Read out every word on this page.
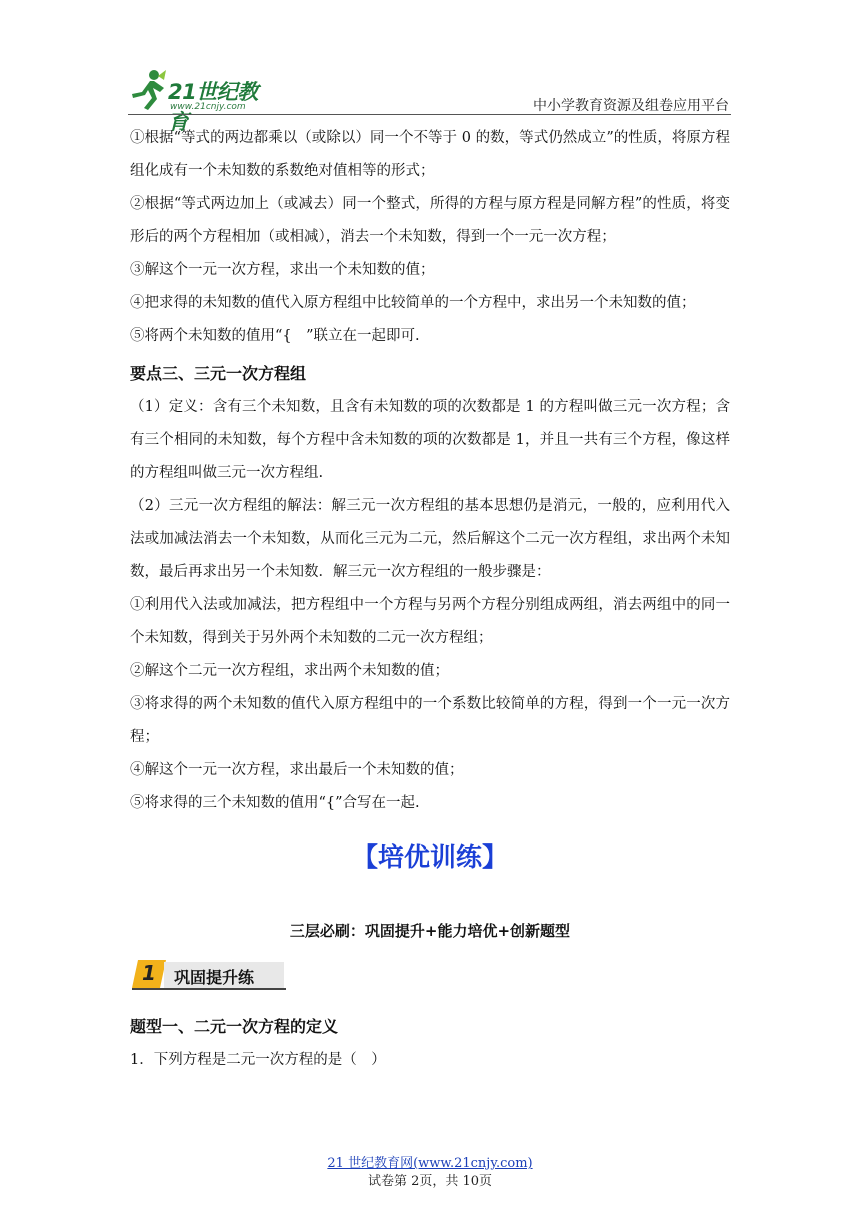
21世纪教育
www.21cnjy.com	中小学教育资源及组卷应用平台

①根据“等式的两边都乘以（或除以）同一个不等于 0 的数，等式仍然成立”的性质，将原方程组化成有一个未知数的系数绝对值相等的形式；

②根据“等式两边加上（或减去）同一个整式，所得的方程与原方程是同解方程”的性质，将变形后的两个方程相加（或相减），消去一个未知数，得到一个一元一次方程；

③解这个一元一次方程，求出一个未知数的值；

④把求得的未知数的值代入原方程组中比较简单的一个方程中，求出另一个未知数的值；

⑤将两个未知数的值用“{　”联立在一起即可.

要点三、三元一次方程组

（1）定义：含有三个未知数，且含有未知数的项的次数都是 1 的方程叫做三元一次方程；含有三个相同的未知数，每个方程中含未知数的项的次数都是 1，并且一共有三个方程，像这样的方程组叫做三元一次方程组.

（2）三元一次方程组的解法：解三元一次方程组的基本思想仍是消元，一般的，应利用代入法或加减法消去一个未知数，从而化三元为二元，然后解这个二元一次方程组，求出两个未知数，最后再求出另一个未知数．解三元一次方程组的一般步骤是：

①利用代入法或加减法，把方程组中一个方程与另两个方程分别组成两组，消去两组中的同一个未知数，得到关于另外两个未知数的二元一次方程组；

②解这个二元一次方程组，求出两个未知数的值；

③将求得的两个未知数的值代入原方程组中的一个系数比较简单的方程，得到一个一元一次方程；

④解这个一元一次方程，求出最后一个未知数的值；

⑤将求得的三个未知数的值用“{”合写在一起.

【培优训练】

三层必刷：巩固提升+能力培优+创新题型

1 巩固提升练

题型一、二元一次方程的定义

1．下列方程是二元一次方程的是（　）

21 世纪教育网(www.21cnjy.com)
试卷第 2页，共 10页
